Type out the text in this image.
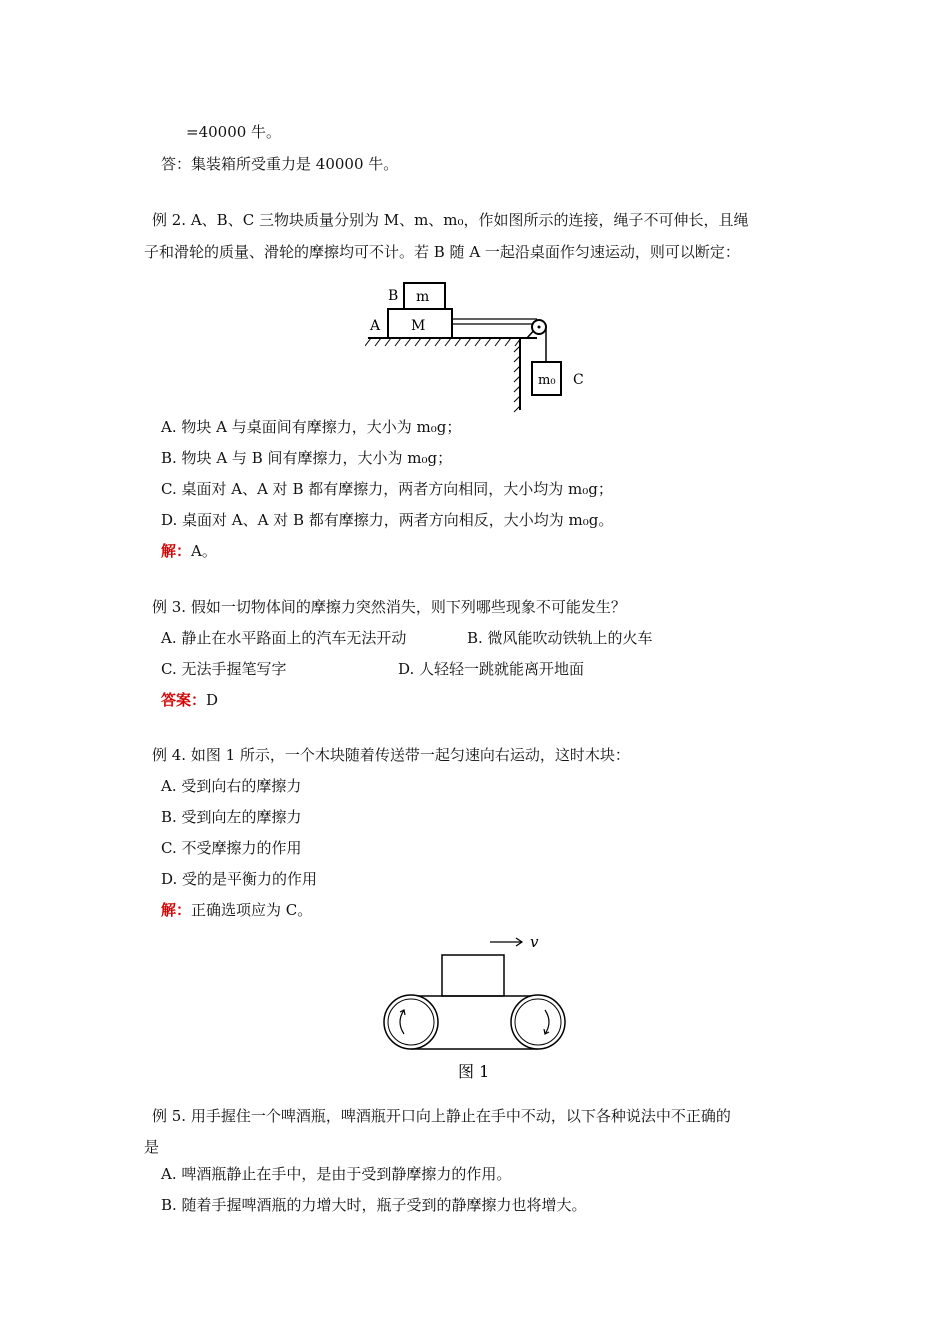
=40000 牛。
答：集装箱所受重力是 40000 牛。
例 2. A、B、C 三物块质量分别为 M、m、m₀，作如图所示的连接，绳子不可伸长，且绳
子和滑轮的质量、滑轮的摩擦均可不计。若 B 随 A 一起沿桌面作匀速运动，则可以断定：
B m
A M
m₀ C
A. 物块 A 与桌面间有摩擦力，大小为 m₀g；
B. 物块 A 与 B 间有摩擦力，大小为 m₀g；
C. 桌面对 A、A 对 B 都有摩擦力，两者方向相同，大小均为 m₀g；
D. 桌面对 A、A 对 B 都有摩擦力，两者方向相反，大小均为 m₀g。
解：A。
例 3. 假如一切物体间的摩擦力突然消失，则下列哪些现象不可能发生？
A. 静止在水平路面上的汽车无法开动	B. 微风能吹动铁轨上的火车
C. 无法手握笔写字	D. 人轻轻一跳就能离开地面
答案：D
例 4. 如图 1 所示，一个木块随着传送带一起匀速向右运动，这时木块：
A. 受到向右的摩擦力
B. 受到向左的摩擦力
C. 不受摩擦力的作用
D. 受的是平衡力的作用
解：正确选项应为 C。
v
图 1
例 5. 用手握住一个啤酒瓶，啤酒瓶开口向上静止在手中不动，以下各种说法中不正确的
是
A. 啤酒瓶静止在手中，是由于受到静摩擦力的作用。
B. 随着手握啤酒瓶的力增大时，瓶子受到的静摩擦力也将增大。
